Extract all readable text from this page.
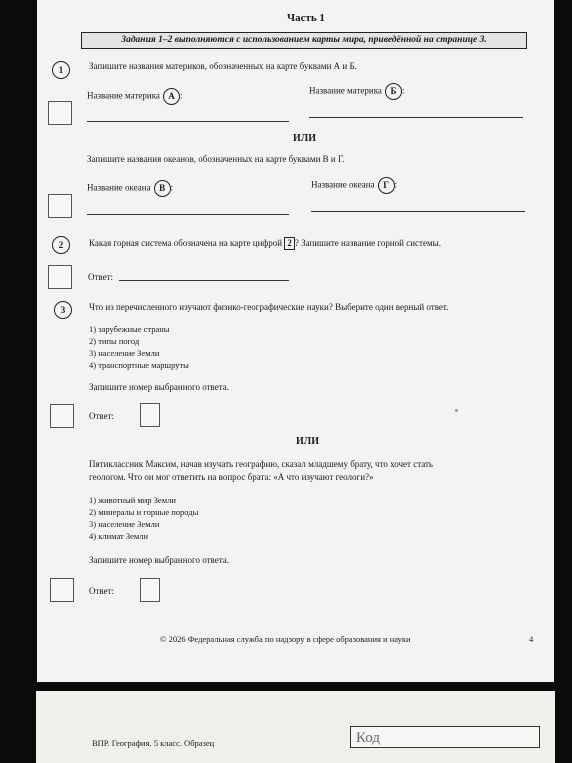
Часть 1
Задания 1–2 выполняются с использованием карты мира, приведённой на странице 3.
1	Запишите названия материков, обозначенных на карте буквами А и Б.
Название материка А :	Название материка Б :
ИЛИ
Запишите названия океанов, обозначенных на карте буквами В и Г.
Название океана В :	Название океана Г :
2	Какая горная система обозначена на карте цифрой 2 ? Запишите название горной системы.
Ответ:
3	Что из перечисленного изучают физико-географические науки? Выберите один верный ответ.
1) зарубежные страны
2) типы погод
3) население Земли
4) транспортные маршруты
Запишите номер выбранного ответа.
Ответ:
ИЛИ
Пятиклассник Максим, начав изучать географию, сказал младшему брату, что хочет стать
геологом. Что он мог ответить на вопрос брата: «А что изучают геологи?»
1) животный мир Земли
2) минералы и горные породы
3) население Земли
4) климат Земли
Запишите номер выбранного ответа.
Ответ:
© 2026 Федеральная служба по надзору в сфере образования и науки	4
ВПР. География. 5 класс. Образец	Код
